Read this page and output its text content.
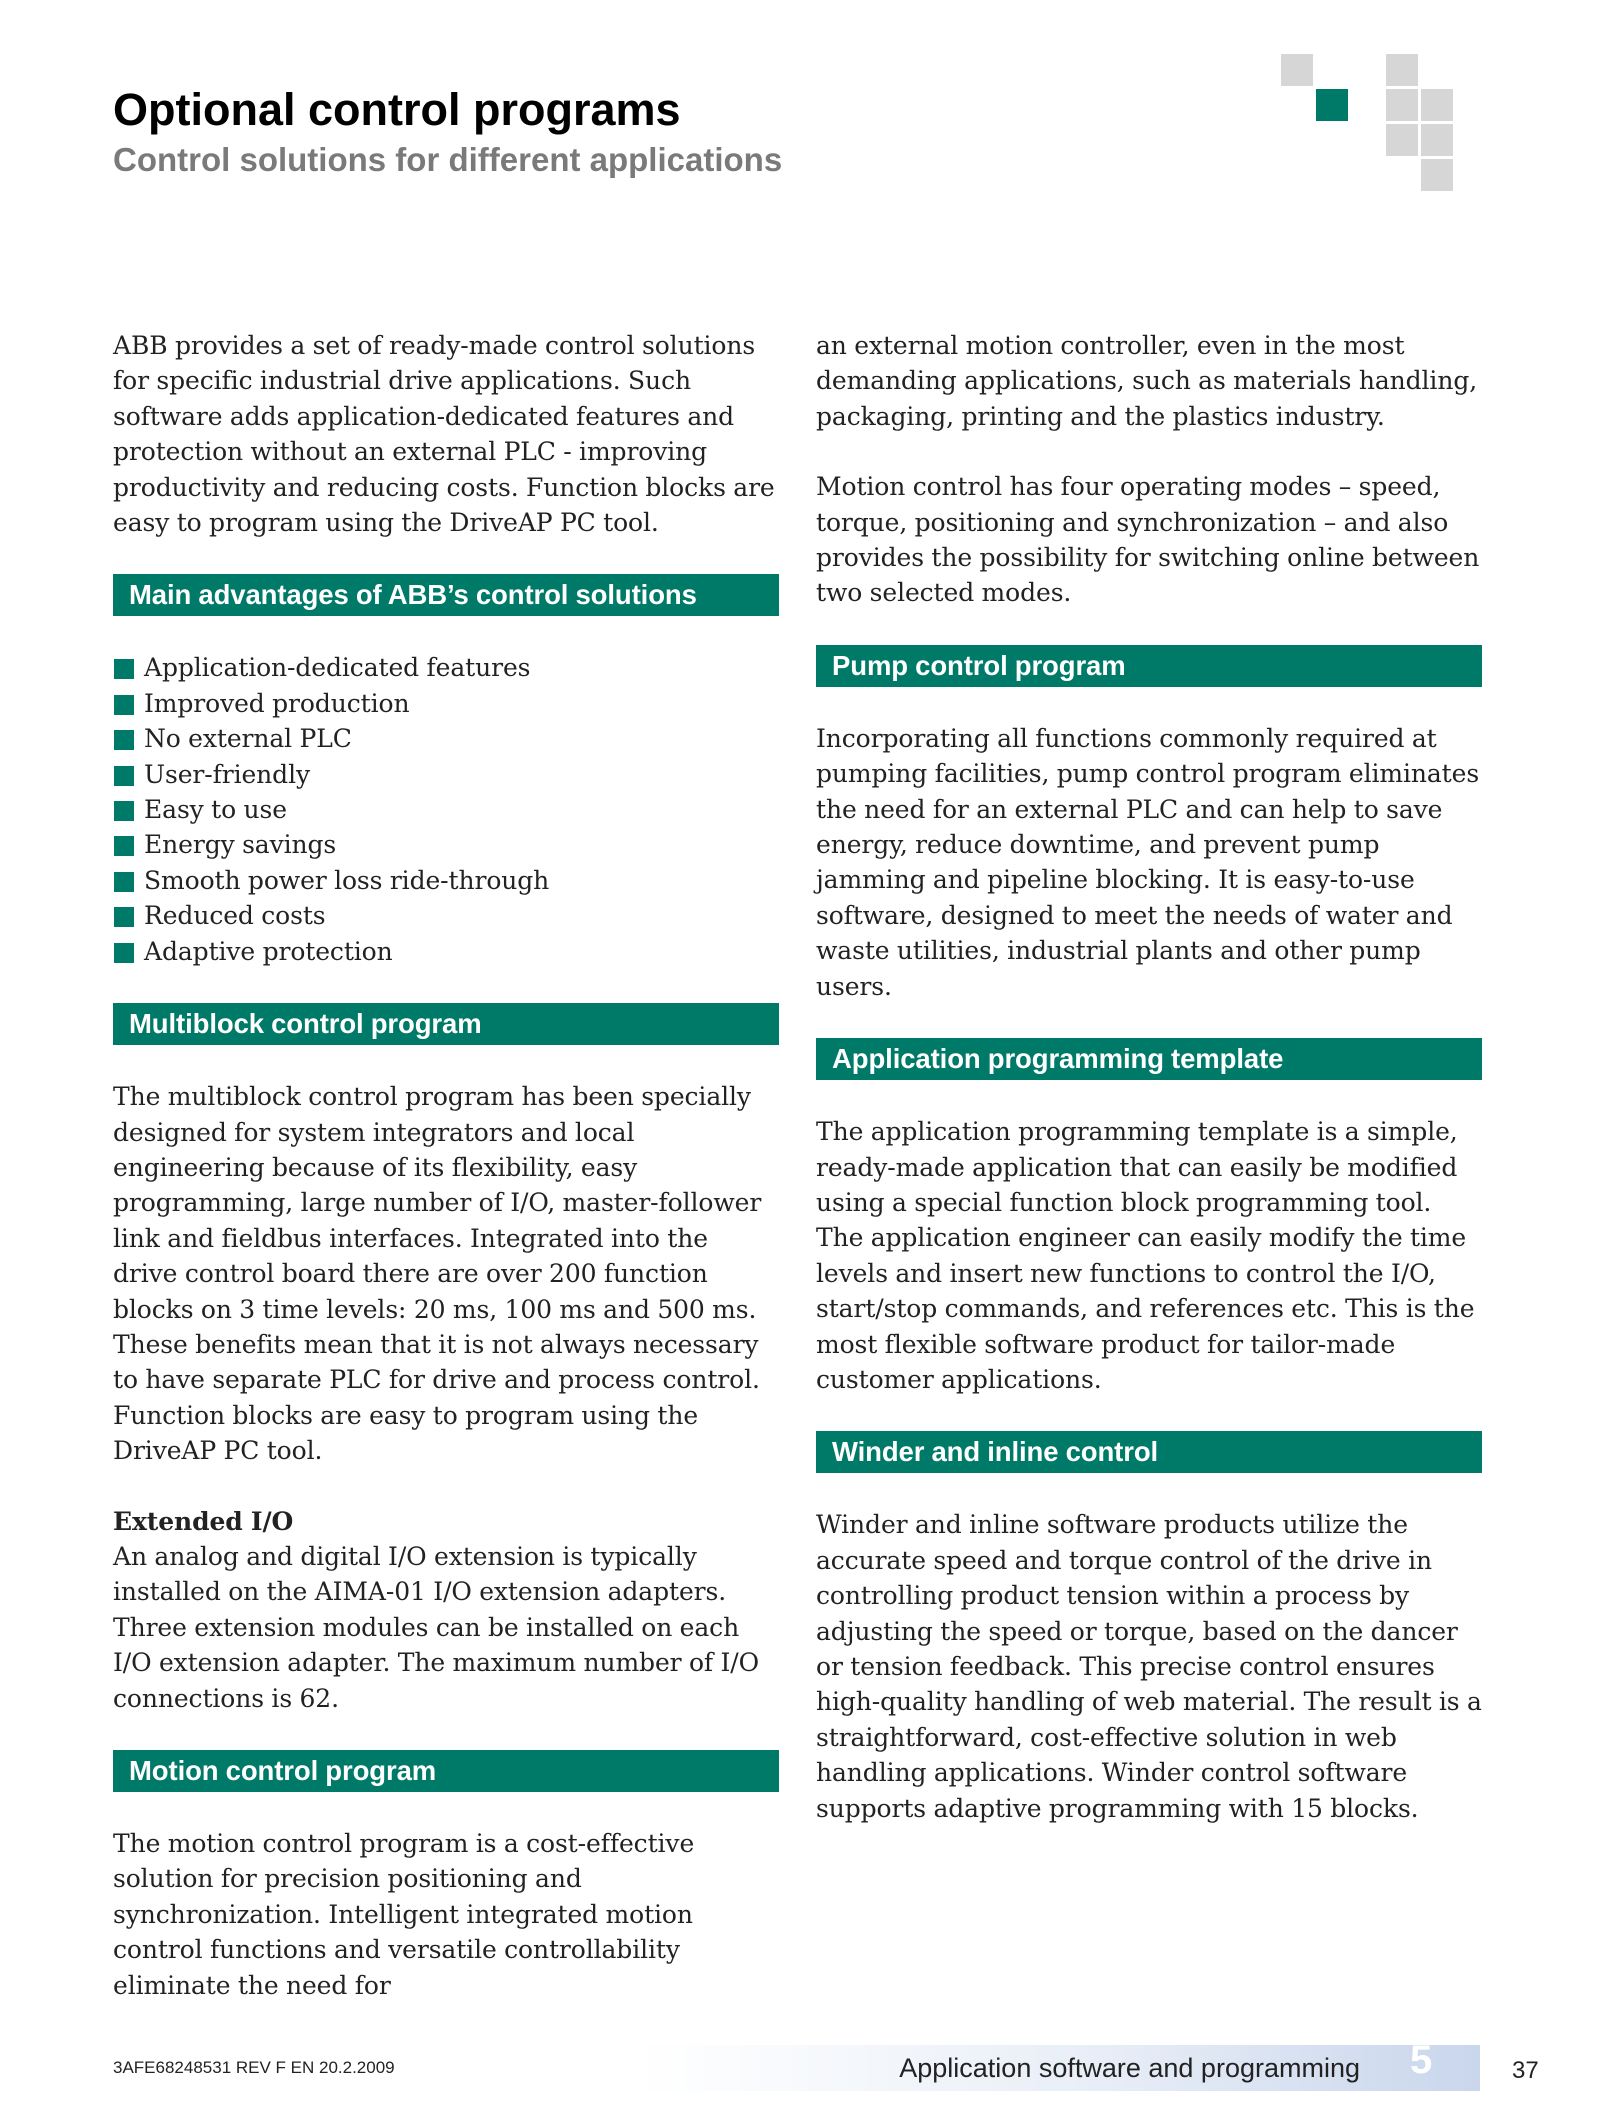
Optional control programs
Control solutions for different applications

ABB provides a set of ready-made control solutions for specific industrial drive applications. Such software adds application-dedicated features and protection without an external PLC - improving productivity and reducing costs. Function blocks are easy to program using the DriveAP PC tool.

Main advantages of ABB’s control solutions
Application-dedicated features
Improved production
No external PLC
User-friendly
Easy to use
Energy savings
Smooth power loss ride-through
Reduced costs
Adaptive protection
Multiblock control program

The multiblock control program has been specially designed for system integrators and local engineering because of its flexibility, easy programming, large number of I/O, master-follower link and fieldbus interfaces. Integrated into the drive control board there are over 200 function blocks on 3 time levels: 20 ms, 100 ms and 500 ms. These benefits mean that it is not always necessary to have separate PLC for drive and process control. Function blocks are easy to program using the DriveAP PC tool.

Extended I/O

An analog and digital I/O extension is typically installed on the AIMA-01 I/O extension adapters. Three extension modules can be installed on each I/O extension adapter. The maximum number of I/O connections is 62.

Motion control program

The motion control program is a cost-effective solution for precision positioning and synchronization. Intelligent integrated motion control functions and versatile controllability eliminate the need for

an external motion controller, even in the most demanding applications, such as materials handling, packaging, printing and the plastics industry.

Motion control has four operating modes – speed, torque, positioning and synchronization – and also provides the possibility for switching online between two selected modes.

Pump control program

Incorporating all functions commonly required at pumping facilities, pump control program eliminates the need for an external PLC and can help to save energy, reduce downtime, and prevent pump jamming and pipeline blocking. It is easy-to-use software, designed to meet the needs of water and waste utilities, industrial plants and other pump users.

Application programming template

The application programming template is a simple, ready-made application that can easily be modified using a special function block programming tool. The application engineer can easily modify the time levels and insert new functions to control the I/O, start/stop commands, and references etc. This is the most flexible software product for tailor-made customer applications.

Winder and inline control

Winder and inline software products utilize the accurate speed and torque control of the drive in controlling product tension within a process by adjusting the speed or torque, based on the dancer or tension feedback. This precise control ensures high-quality handling of web material. The result is a straightforward, cost-effective solution in web handling applications. Winder control software supports adaptive programming with 15 blocks.

3AFE68248531 REV F EN 20.2.2009	Application software and programming 5	37
